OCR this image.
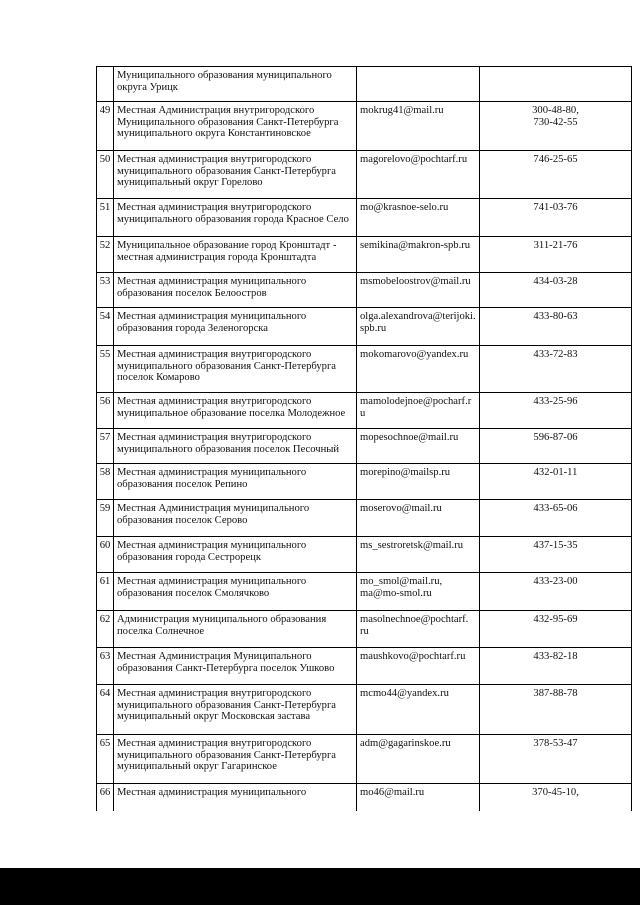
	Муниципального образования муниципального
округа Урицк		
49	Местная Администрация внутригородского
Муниципального образования Санкт-Петербурга
муниципального округа Константиновское	mokrug41@mail.ru	300-48-80,
730-42-55
50	Местная администрация внутригородского
муниципального образования Санкт-Петербурга
муниципальный округ Горелово	magorelovo@pochtarf.ru	746-25-65
51	Местная администрация внутригородского
муниципального образования города Красное Село	mo@krasnoe-selo.ru	741-03-76
52	Муниципальное образование город Кронштадт -
местная администрация города Кронштадта	semikina@makron-spb.ru	311-21-76
53	Местная администрация муниципального
образования поселок Белоостров	msmobeloostrov@mail.ru	434-03-28
54	Местная администрация муниципального
образования города Зеленогорска	olga.alexandrova@terijoki.
spb.ru	433-80-63
55	Местная администрация внутригородского
муниципального образования Санкт-Петербурга
поселок Комарово	mokomarovo@yandex.ru	433-72-83
56	Местная администрация внутригородского
муниципальное образование поселка Молодежное	mamolodejnoe@pocharf.ru	433-25-96
57	Местная администрация внутригородского
муниципального образования поселок Песочный	mopesochnoe@mail.ru	596-87-06
58	Местная администрация муниципального
образования поселок Репино	morepino@mailsp.ru	432-01-11
59	Местная Администрация муниципального
образования поселок Серово	moserovo@mail.ru	433-65-06
60	Местная администрация муниципального
образования города Сестрорецк	ms_sestroretsk@mail.ru	437-15-35
61	Местная администрация муниципального
образования поселок Смолячково	mo_smol@mail.ru,
ma@mo-smol.ru	433-23-00
62	Администрация муниципального образования
поселка Солнечное	masolnechnoe@pochtarf.
ru	432-95-69
63	Местная Администрация Муниципального
образования Санкт-Петербурга поселок Ушково	maushkovo@pochtarf.ru	433-82-18
64	Местная администрация внутригородского
муниципального образования Санкт-Петербурга
муниципальный округ Московская застава	mcmo44@yandex.ru	387-88-78
65	Местная администрация внутригородского
муниципального образования Санкт-Петербурга
муниципальный округ Гагаринское	adm@gagarinskoe.ru	378-53-47
66	Местная администрация муниципального	mo46@mail.ru	370-45-10,
